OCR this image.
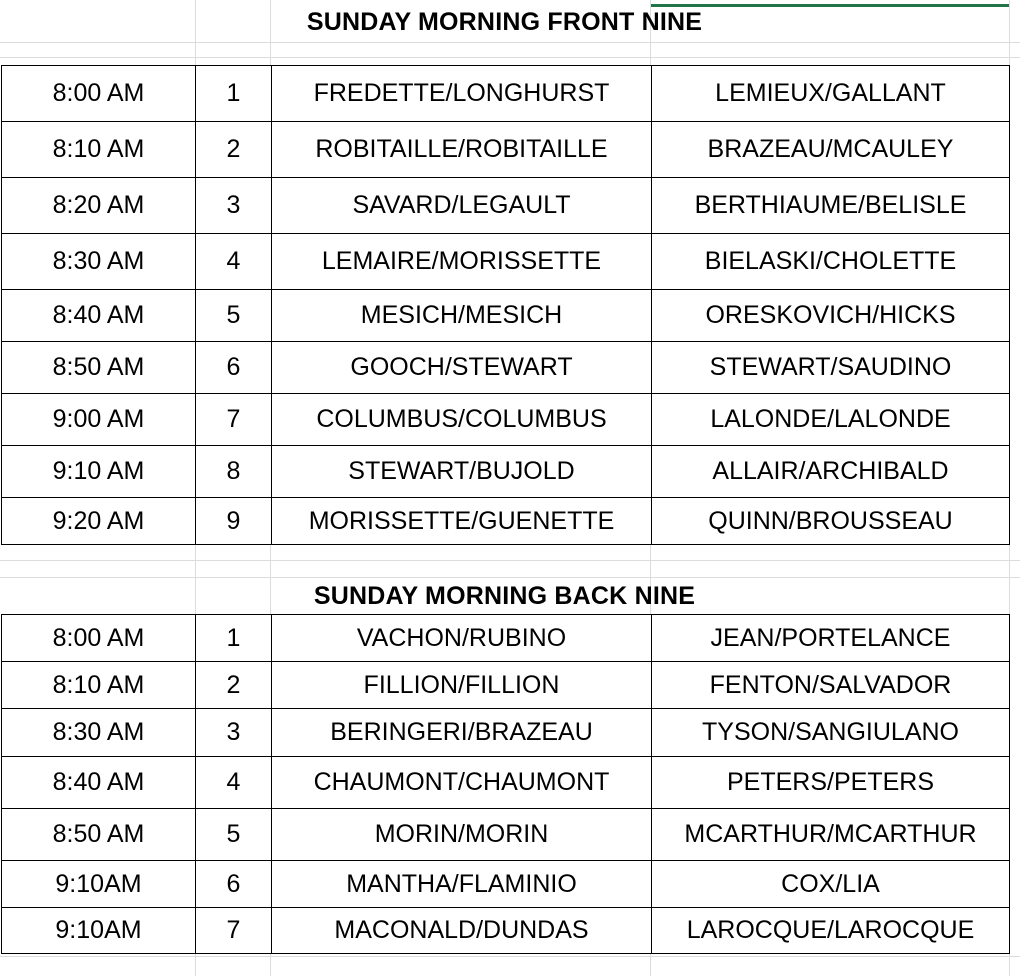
SUNDAY MORNING FRONT NINE
8:00 AM	1	FREDETTE/LONGHURST	LEMIEUX/GALLANT
8:10 AM	2	ROBITAILLE/ROBITAILLE	BRAZEAU/MCAULEY
8:20 AM	3	SAVARD/LEGAULT	BERTHIAUME/BELISLE
8:30 AM	4	LEMAIRE/MORISSETTE	BIELASKI/CHOLETTE
8:40 AM	5	MESICH/MESICH	ORESKOVICH/HICKS
8:50 AM	6	GOOCH/STEWART	STEWART/SAUDINO
9:00 AM	7	COLUMBUS/COLUMBUS	LALONDE/LALONDE
9:10 AM	8	STEWART/BUJOLD	ALLAIR/ARCHIBALD
9:20 AM	9	MORISSETTE/GUENETTE	QUINN/BROUSSEAU
SUNDAY MORNING BACK NINE
8:00 AM	1	VACHON/RUBINO	JEAN/PORTELANCE
8:10 AM	2	FILLION/FILLION	FENTON/SALVADOR
8:30 AM	3	BERINGERI/BRAZEAU	TYSON/SANGIULANO
8:40 AM	4	CHAUMONT/CHAUMONT	PETERS/PETERS
8:50 AM	5	MORIN/MORIN	MCARTHUR/MCARTHUR
9:10AM	6	MANTHA/FLAMINIO	COX/LIA
9:10AM	7	MACONALD/DUNDAS	LAROCQUE/LAROCQUE
